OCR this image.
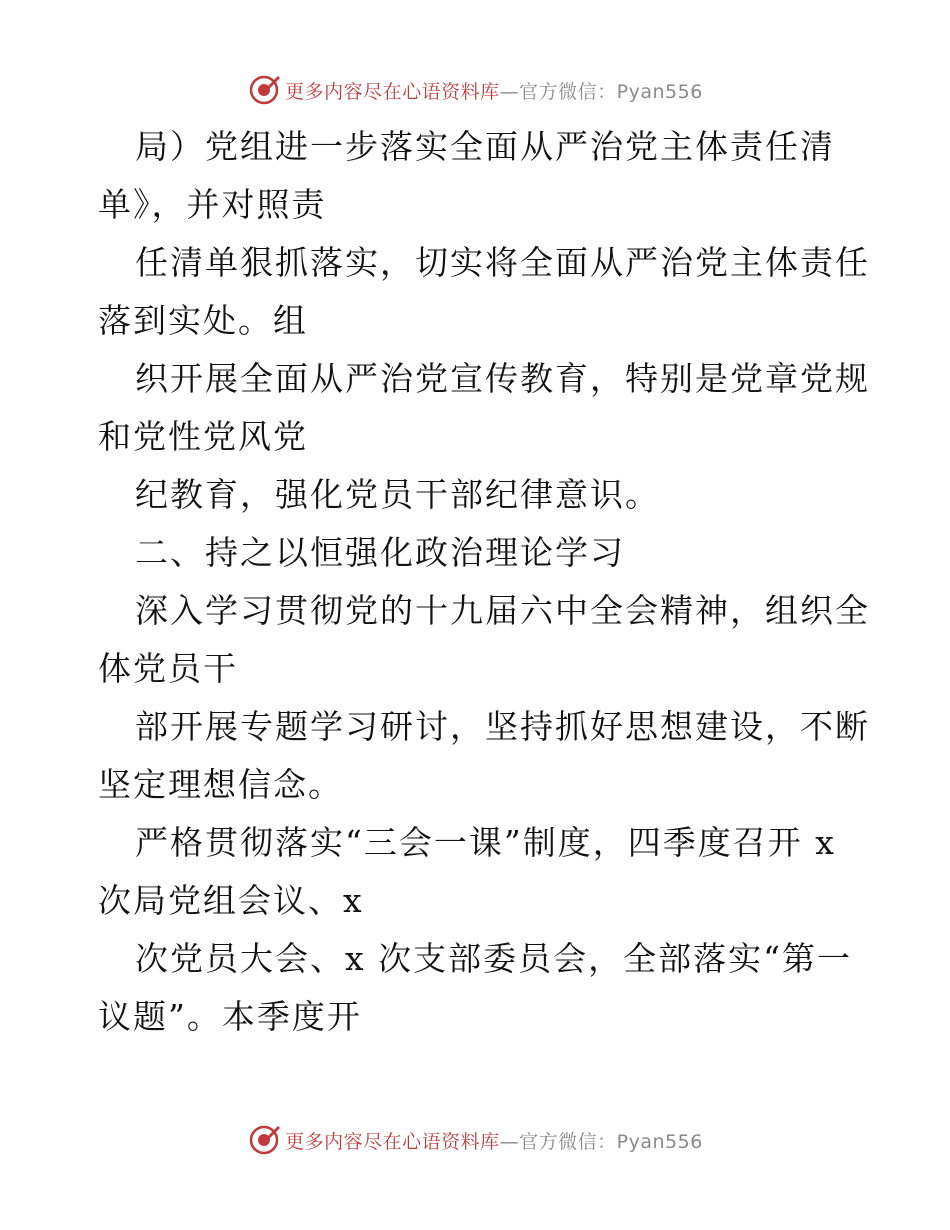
更多内容尽在心语资料库—官方微信：Pyan556
局）党组进一步落实全面从严治党主体责任清
单》，并对照责
任清单狠抓落实，切实将全面从严治党主体责任
落到实处。组
织开展全面从严治党宣传教育，特别是党章党规
和党性党风党
纪教育，强化党员干部纪律意识。
二、持之以恒强化政治理论学习
深入学习贯彻党的十九届六中全会精神，组织全
体党员干
部开展专题学习研讨，坚持抓好思想建设，不断
坚定理想信念。
严格贯彻落实“三会一课”制度，四季度召开 x
次局党组会议、x
次党员大会、x 次支部委员会，全部落实“第一
议题”。本季度开
更多内容尽在心语资料库—官方微信：Pyan556
